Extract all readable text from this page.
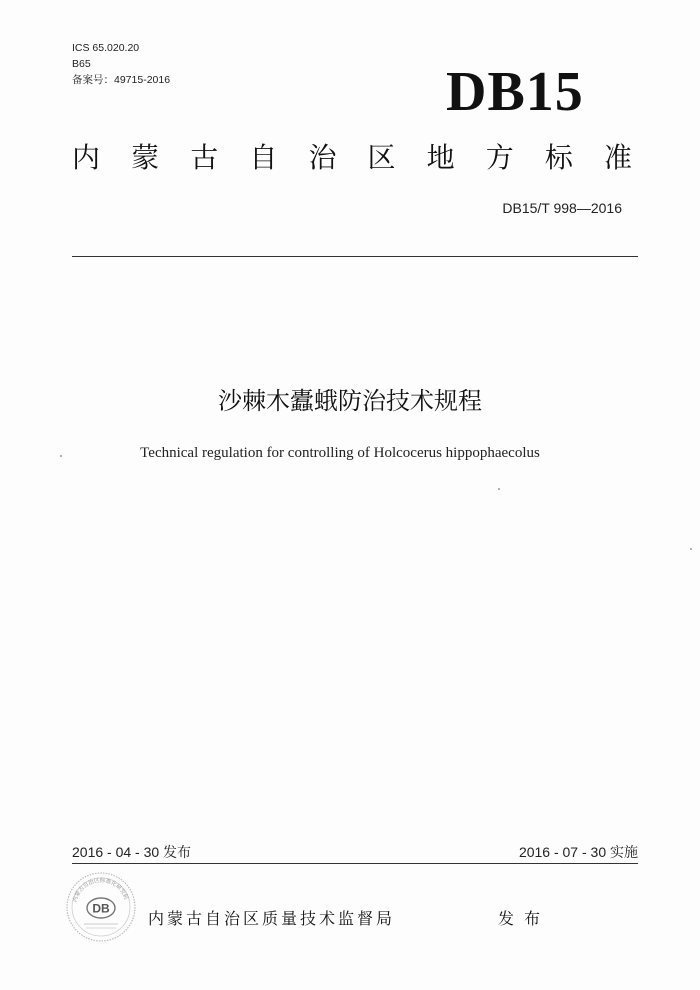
ICS 65.020.20
B65
备案号：49715-2016	DB15
内 蒙 古 自 治 区 地 方 标 准
DB15/T 998—2016
沙棘木蠹蛾防治技术规程
Technical regulation for controlling of Holcocerus hippophaecolus
2016 - 04 - 30 发布	2016 - 07 - 30 实施
内蒙古自治区标准化研究院
DB
内蒙古自治区质量技术监督局	发布
